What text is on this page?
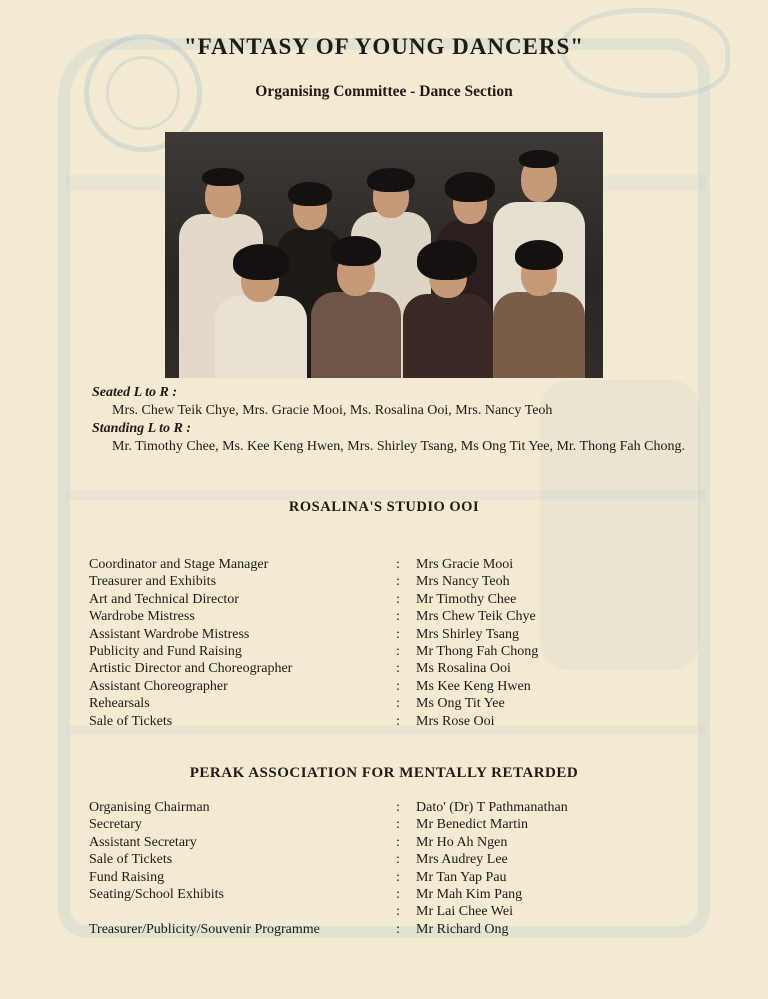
"FANTASY OF YOUNG DANCERS"
Organising Committee - Dance Section
Seated L to R :
Mrs. Chew Teik Chye, Mrs. Gracie Mooi, Ms. Rosalina Ooi, Mrs. Nancy Teoh
Standing L to R :
Mr. Timothy Chee, Ms. Kee Keng Hwen, Mrs. Shirley Tsang, Ms Ong Tit Yee, Mr. Thong Fah Chong.
ROSALINA'S STUDIO OOI
Coordinator and Stage Manager	: Mrs Gracie Mooi
Treasurer and Exhibits	: Mrs Nancy Teoh
Art and Technical Director	: Mr Timothy Chee
Wardrobe Mistress	: Mrs Chew Teik Chye
Assistant Wardrobe Mistress	: Mrs Shirley Tsang
Publicity and Fund Raising	: Mr Thong Fah Chong
Artistic Director and Choreographer	: Ms Rosalina Ooi
Assistant Choreographer	: Ms Kee Keng Hwen
Rehearsals	: Ms Ong Tit Yee
Sale of Tickets	: Mrs Rose Ooi
PERAK ASSOCIATION FOR MENTALLY RETARDED
Organising Chairman	: Dato' (Dr) T Pathmanathan
Secretary	: Mr Benedict Martin
Assistant Secretary	: Mr Ho Ah Ngen
Sale of Tickets	: Mrs Audrey Lee
Fund Raising	: Mr Tan Yap Pau
Seating/School Exhibits	: Mr Mah Kim Pang
: Mr Lai Chee Wei
Treasurer/Publicity/Souvenir Programme	: Mr Richard Ong
